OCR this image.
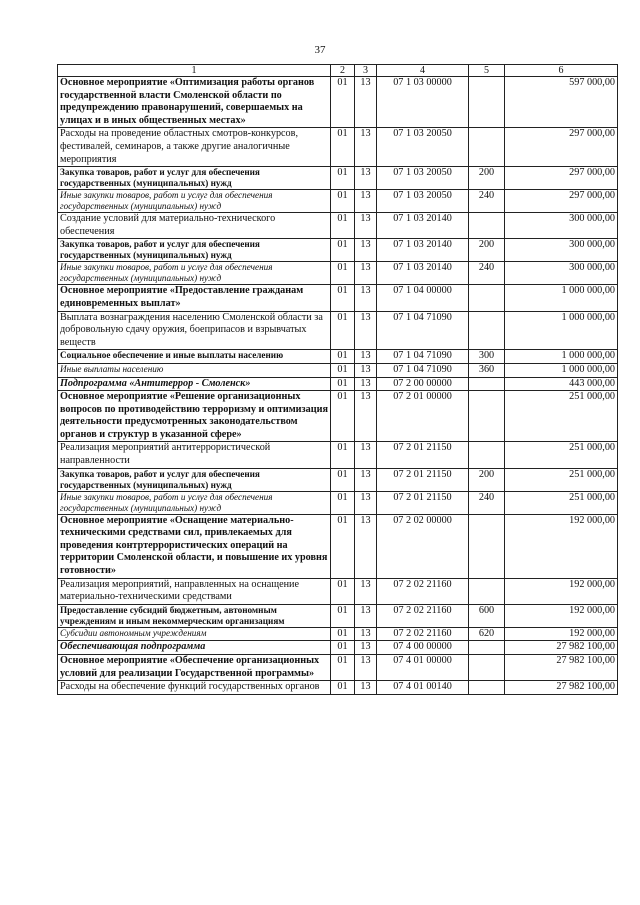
37
1	2	3	4	5	6
Основное мероприятие «Оптимизация работы органов государственной власти Смоленской области по предупреждению правонарушений, совершаемых на улицах и в иных общественных местах»	01	13	07 1 03 00000		597 000,00
Расходы на проведение областных смотров-конкурсов, фестивалей, семинаров, а также другие аналогичные мероприятия	01	13	07 1 03 20050		297 000,00
Закупка товаров, работ и услуг для обеспечения государственных (муниципальных) нужд	01	13	07 1 03 20050	200	297 000,00
Иные закупки товаров, работ и услуг для обеспечения государственных (муниципальных) нужд	01	13	07 1 03 20050	240	297 000,00
Создание условий для материально-технического обеспечения	01	13	07 1 03 20140		300 000,00
Закупка товаров, работ и услуг для обеспечения государственных (муниципальных) нужд	01	13	07 1 03 20140	200	300 000,00
Иные закупки товаров, работ и услуг для обеспечения государственных (муниципальных) нужд	01	13	07 1 03 20140	240	300 000,00
Основное мероприятие «Предоставление гражданам единовременных выплат»	01	13	07 1 04 00000		1 000 000,00
Выплата вознаграждения населению Смоленской области за добровольную сдачу оружия, боеприпасов и взрывчатых веществ	01	13	07 1 04 71090		1 000 000,00
Социальное обеспечение и иные выплаты населению	01	13	07 1 04 71090	300	1 000 000,00
Иные выплаты населению	01	13	07 1 04 71090	360	1 000 000,00
Подпрограмма «Антитеррор - Смоленск»	01	13	07 2 00 00000		443 000,00
Основное мероприятие «Решение организационных вопросов по противодействию терроризму и оптимизация деятельности предусмотренных законодательством органов и структур в указанной сфере»	01	13	07 2 01 00000		251 000,00
Реализация мероприятий антитеррористической направленности	01	13	07 2 01 21150		251 000,00
Закупка товаров, работ и услуг для обеспечения государственных (муниципальных) нужд	01	13	07 2 01 21150	200	251 000,00
Иные закупки товаров, работ и услуг для обеспечения государственных (муниципальных) нужд	01	13	07 2 01 21150	240	251 000,00
Основное мероприятие «Оснащение материально-техническими средствами сил, привлекаемых для проведения контртеррористических операций на территории Смоленской области, и повышение их уровня готовности»	01	13	07 2 02 00000		192 000,00
Реализация мероприятий, направленных на оснащение материально-техническими средствами	01	13	07 2 02 21160		192 000,00
Предоставление субсидий бюджетным, автономным учреждениям и иным некоммерческим организациям	01	13	07 2 02 21160	600	192 000,00
Субсидии автономным учреждениям	01	13	07 2 02 21160	620	192 000,00
Обеспечивающая подпрограмма	01	13	07 4 00 00000		27 982 100,00
Основное мероприятие «Обеспечение организационных условий для реализации Государственной программы»	01	13	07 4 01 00000		27 982 100,00
Расходы на обеспечение функций государственных органов	01	13	07 4 01 00140		27 982 100,00
